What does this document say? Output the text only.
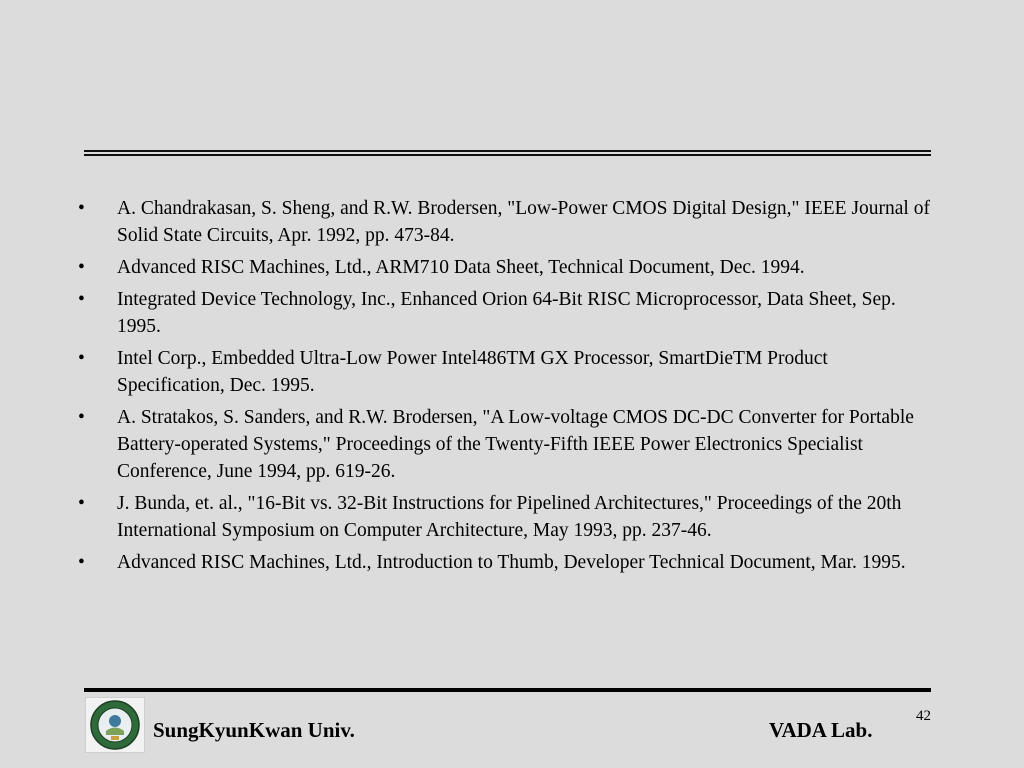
• A. Chandrakasan, S. Sheng, and R.W. Brodersen, "Low-Power CMOS Digital Design," IEEE Journal of Solid State Circuits, Apr. 1992, pp. 473-84.
• Advanced RISC Machines, Ltd., ARM710 Data Sheet, Technical Document, Dec. 1994.
• Integrated Device Technology, Inc., Enhanced Orion 64-Bit RISC Microprocessor, Data Sheet, Sep. 1995.
• Intel Corp., Embedded Ultra-Low Power Intel486TM GX Processor, SmartDieTM Product Specification, Dec. 1995.
• A. Stratakos, S. Sanders, and R.W. Brodersen, "A Low-voltage CMOS DC-DC Converter for Portable Battery-operated Systems," Proceedings of the Twenty-Fifth IEEE Power Electronics Specialist Conference, June 1994, pp. 619-26.
• J. Bunda, et. al., "16-Bit vs. 32-Bit Instructions for Pipelined Architectures," Proceedings of the 20th International Symposium on Computer Architecture, May 1993, pp. 237-46.
• Advanced RISC Machines, Ltd., Introduction to Thumb, Developer Technical Document, Mar. 1995.
SungKyunKwan Univ.	VADA Lab.
42
